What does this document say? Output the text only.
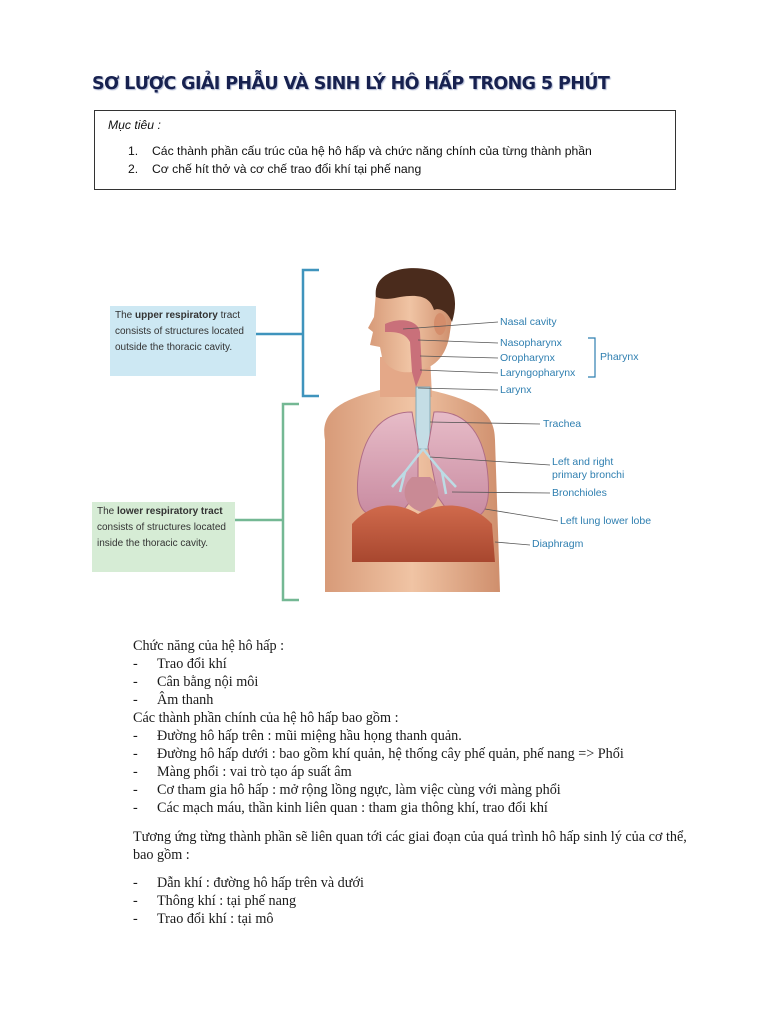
SƠ LƯỢC GIẢI PHẪU VÀ SINH LÝ HÔ HẤP TRONG 5 PHÚT
Mục tiêu :
1. Các thành phần cấu trúc của hệ hô hấp và chức năng chính của từng thành phần
2. Cơ chế hít thở và cơ chế trao đổi khí tại phế nang
The upper respiratory tract consists of structures located outside the thoracic cavity.
The lower respiratory tract consists of structures located inside the thoracic cavity.
Nasal cavity
Nasopharynx
Oropharynx
Laryngopharynx
Pharynx
Larynx
Trachea
Left and right
primary bronchi
Bronchioles
Left lung lower lobe
Diaphragm
Chức năng của hệ hô hấp :
- Trao đổi khí
- Cân bằng nội môi
- Âm thanh
Các thành phần chính của hệ hô hấp bao gồm :
- Đường hô hấp trên : mũi miệng hầu họng thanh quản.
- Đường hô hấp dưới : bao gồm khí quản, hệ thống cây phế quản, phế nang => Phổi
- Màng phổi : vai trò tạo áp suất âm
- Cơ tham gia hô hấp : mở rộng lồng ngực, làm việc cùng với màng phổi
- Các mạch máu, thần kinh liên quan : tham gia thông khí, trao đổi khí
Tương ứng từng thành phần sẽ liên quan tới các giai đoạn của quá trình hô hấp sinh lý của cơ thể, bao gồm :
- Dẫn khí : đường hô hấp trên và dưới
- Thông khí : tại phế nang
- Trao đổi khí : tại mô
